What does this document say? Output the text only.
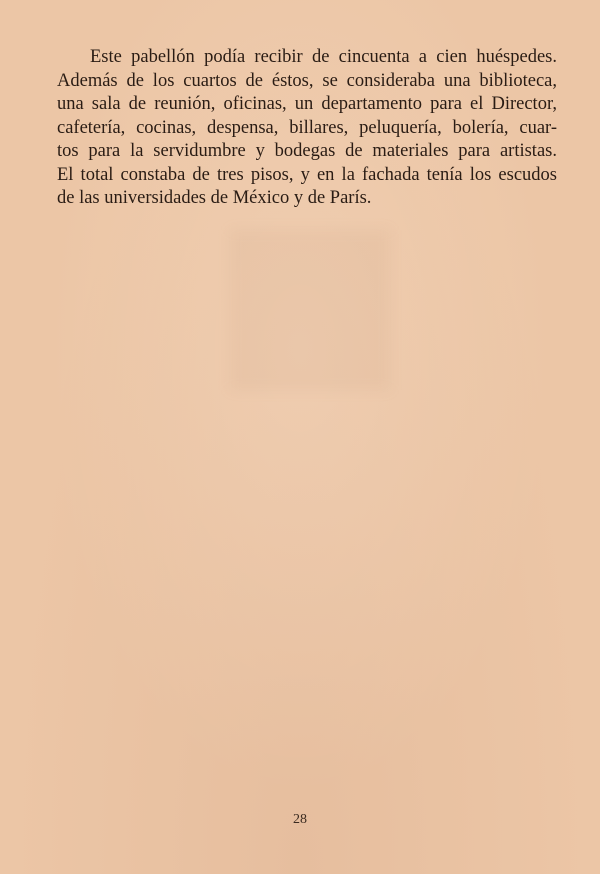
Este pabellón podía recibir de cincuenta a cien huéspedes.
Además de los cuartos de éstos, se consideraba una biblioteca,
una sala de reunión, oficinas, un departamento para el Director,
cafetería, cocinas, despensa, billares, peluquería, bolería, cuar-
tos para la servidumbre y bodegas de materiales para artistas.
El total constaba de tres pisos, y en la fachada tenía los escudos
de las universidades de México y de París.
28
